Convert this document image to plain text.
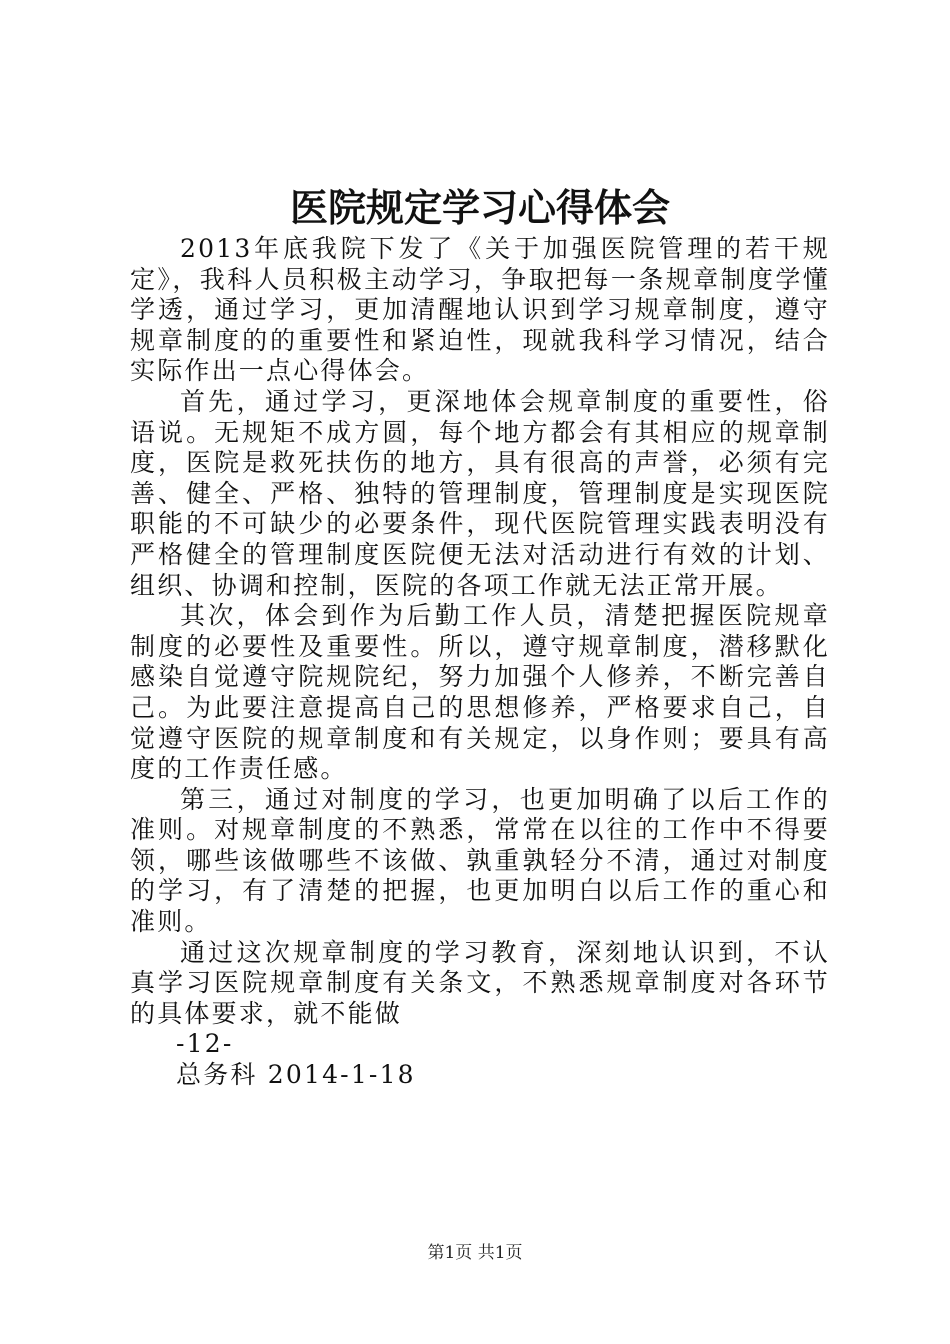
医院规定学习心得体会

2013年底我院下发了《关于加强医院管理的若干规定》，我科人员积极主动学习，争取把每一条规章制度学懂学透，通过学习，更加清醒地认识到学习规章制度，遵守规章制度的的重要性和紧迫性，现就我科学习情况，结合实际作出一点心得体会。

首先，通过学习，更深地体会规章制度的重要性，俗语说。无规矩不成方圆，每个地方都会有其相应的规章制度，医院是救死扶伤的地方，具有很高的声誉，必须有完善、健全、严格、独特的管理制度，管理制度是实现医院职能的不可缺少的必要条件，现代医院管理实践表明没有严格健全的管理制度医院便无法对活动进行有效的计划、组织、协调和控制，医院的各项工作就无法正常开展。

其次，体会到作为后勤工作人员，清楚把握医院规章制度的必要性及重要性。所以，遵守规章制度，潜移默化感染自觉遵守院规院纪，努力加强个人修养，不断完善自己。为此要注意提高自己的思想修养，严格要求自己，自觉遵守医院的规章制度和有关规定，以身作则；要具有高度的工作责任感。

第三，通过对制度的学习，也更加明确了以后工作的准则。对规章制度的不熟悉，常常在以往的工作中不得要领，哪些该做哪些不该做、孰重孰轻分不清，通过对制度的学习，有了清楚的把握，也更加明白以后工作的重心和准则。

通过这次规章制度的学习教育，深刻地认识到，不认真学习医院规章制度有关条文，不熟悉规章制度对各环节的具体要求，就不能做

-12-

总务科 2014-1-18

第1页 共1页
